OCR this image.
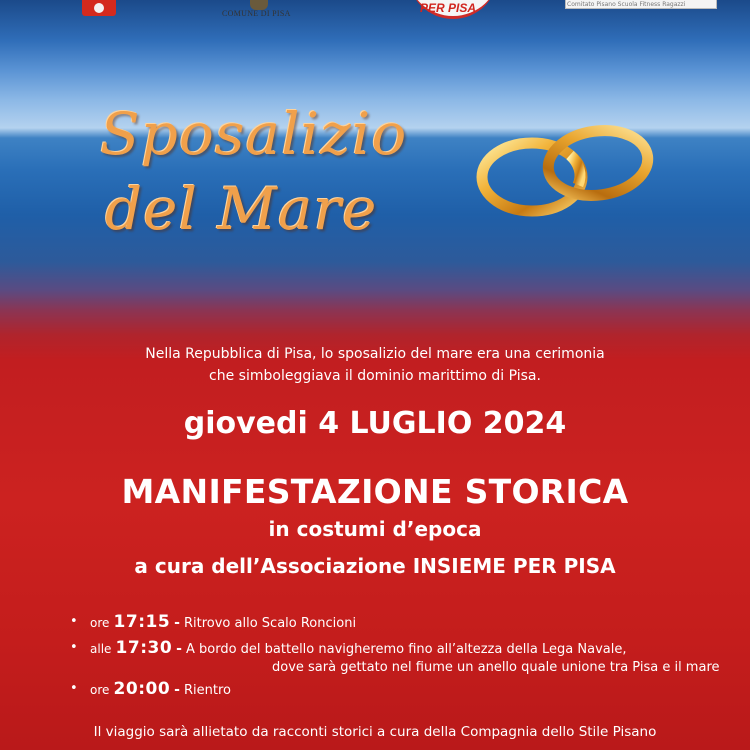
COMUNE DI PISA	PER PISA	Comitato Pisano Scuola Fitness Ragazzi
Sposalizio
del Mare
Nella Repubblica di Pisa, lo sposalizio del mare era una cerimonia
che simboleggiava il dominio marittimo di Pisa.
giovedi 4 LUGLIO 2024
MANIFESTAZIONE STORICA
in costumi d’epoca
a cura dell’Associazione INSIEME PER PISA
• ore 17:15 - Ritrovo allo Scalo Roncioni
• alle 17:30 - A bordo del battello navigheremo fino all’altezza della Lega Navale,
dove sarà gettato nel fiume un anello quale unione tra Pisa e il mare
• ore 20:00 - Rientro
Il viaggio sarà allietato da racconti storici a cura della Compagnia dello Stile Pisano
